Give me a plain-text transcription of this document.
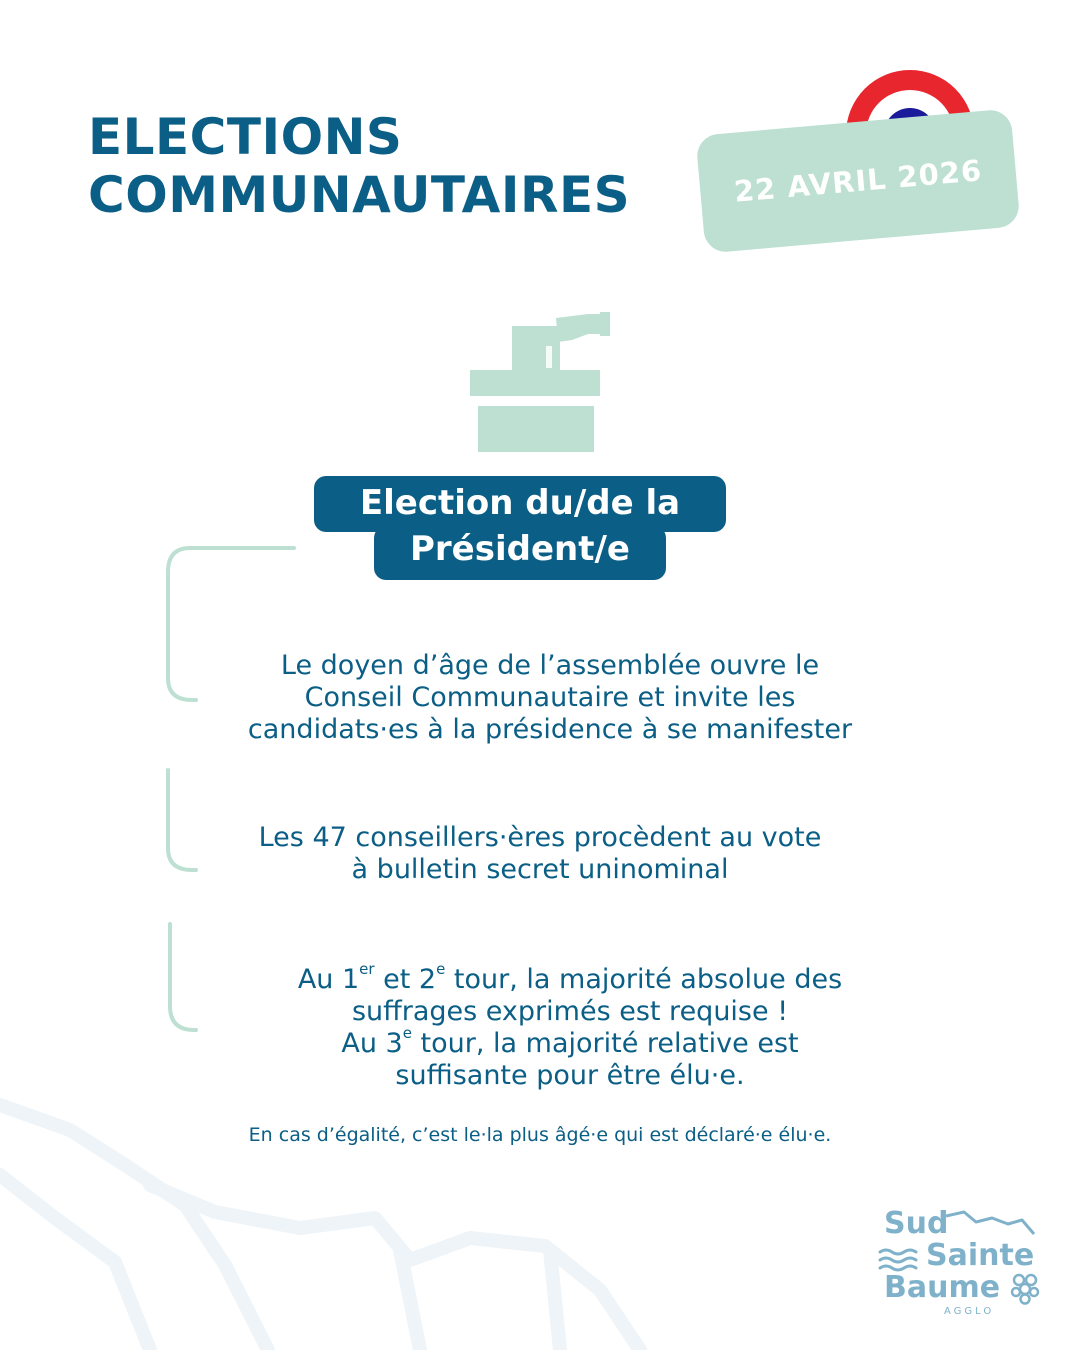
ELECTIONS
COMMUNAUTAIRES	22 AVRIL 2026
Election du/de la
Président/e
Le doyen d’âge de l’assemblée ouvre le
Conseil Communautaire et invite les
candidats·es à la présidence à se manifester
Les 47 conseillers·ères procèdent au vote
à bulletin secret uninominal
Au 1er et 2e tour, la majorité absolue des
suffrages exprimés est requise !
Au 3e tour, la majorité relative est
suffisante pour être élu·e.
En cas d’égalité, c’est le·la plus âgé·e qui est déclaré·e élu·e.
Sud
Sainte
Baume
AGGLO
